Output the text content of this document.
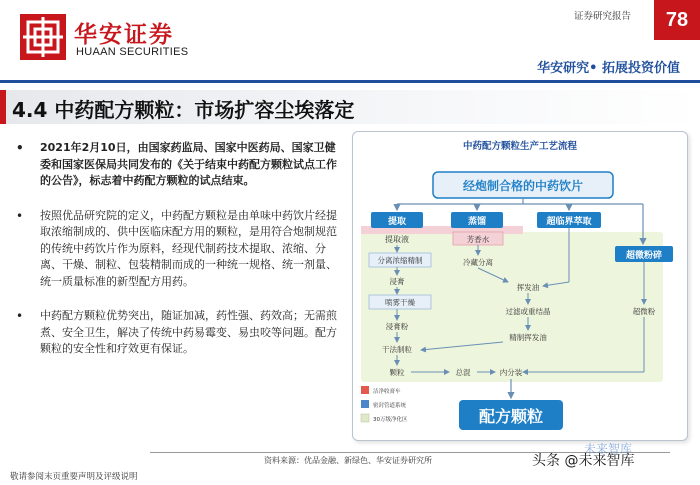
华安证券
HUAAN SECURITIES
证券研究报告	78
华安研究• 拓展投资价值
4.4 中药配方颗粒：市场扩容尘埃落定
• 2021年2月10日，由国家药监局、国家中医药局、国家卫健委和国家医保局共同发布的《关于结束中药配方颗粒试点工作的公告》，标志着中药配方颗粒的试点结束。
• 按照优品研究院的定义，中药配方颗粒是由单味中药饮片经提取浓缩制成的、供中医临床配方用的颗粒，是用符合炮制规范的传统中药饮片作为原料，经现代制药技术提取、浓缩、分离、干燥、制粒、包装精制而成的一种统一规格、统一剂量、统一质量标准的新型配方用药。
• 中药配方颗粒优势突出，随证加减，药性强、药效高；无需煎煮、安全卫生，解决了传统中药易霉变、易虫咬等问题。配方颗粒的安全性和疗效更有保证。
中药配方颗粒生产工艺流程
经炮制合格的中药饮片
提取	蒸馏	超临界萃取
超微粉碎
提取液
分离浓缩精制
浸膏
喷雾干燥
浸膏粉
干法制粒
颗粒
芳香水
冷藏分离
挥发油
过滤或重结晶
精制挥发油
超微粉
总混	内分装
洁净收膏车
密封管道系统
30万级净化区	配方颗粒
资料来源：优品金融、新绿色、华安证券研究所
敬请参阅末页重要声明及评级说明
头条 @未来智库
未来智库
